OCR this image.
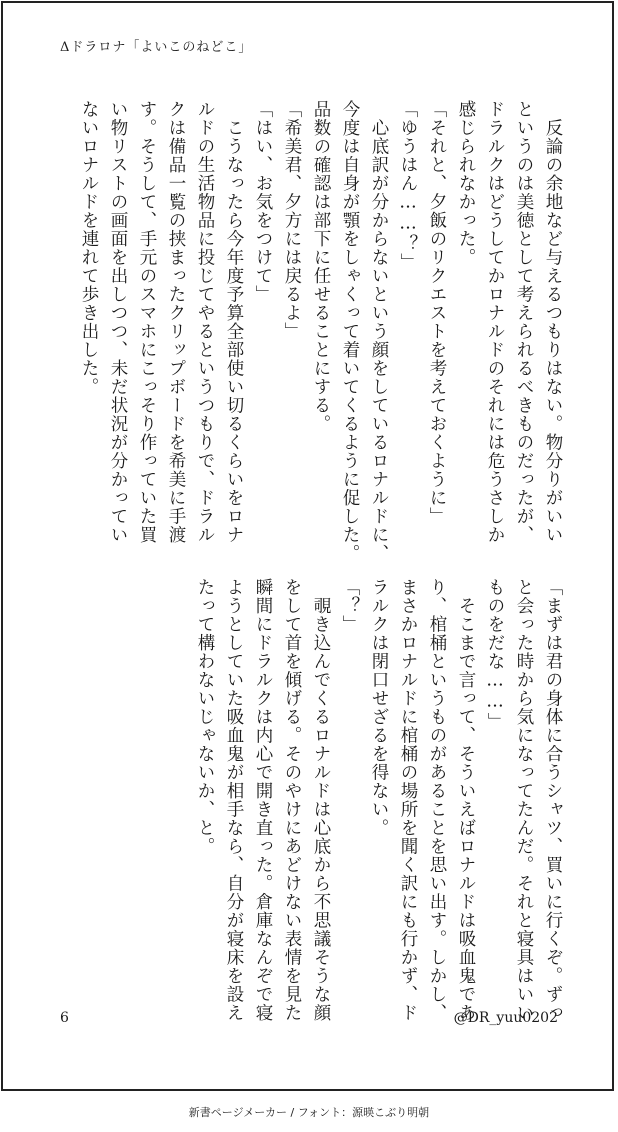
Δドラロナ「よいこのねどこ」
　反論の余地など与えるつもりはない。物分りがいい
というのは美徳として考えられるべきものだったが、
ドラルクはどうしてかロナルドのそれには危うさしか
感じられなかった。
「それと、夕飯のリクエストを考えておくように」
「ゆうはん……？」
　心底訳が分からないという顔をしているロナルドに、
今度は自身が顎をしゃくって着いてくるように促した。
品数の確認は部下に任せることにする。
「希美君、夕方には戻るよ」
「はい、お気をつけて」
　こうなったら今年度予算全部使い切るくらいをロナ
ルドの生活物品に投じてやるというつもりで、ドラル
クは備品一覧の挟まったクリップボードを希美に手渡
す。そうして、手元のスマホにこっそり作っていた買
い物リストの画面を出しつつ、未だ状況が分かってい
ないロナルドを連れて歩き出した。
「まずは君の身体に合うシャツ、買いに行くぞ。ずっ
と会った時から気になってたんだ。それと寝具はいい
ものをだな……」
　そこまで言って、そういえばロナルドは吸血鬼であ
り、棺桶というものがあることを思い出す。しかし、
まさかロナルドに棺桶の場所を聞く訳にも行かず、ド
ラルクは閉口せざるを得ない。
「？」
　覗き込んでくるロナルドは心底から不思議そうな顔
をして首を傾げる。そのやけにあどけない表情を見た
瞬間にドラルクは内心で開き直った。倉庫なんぞで寝
ようとしていた吸血鬼が相手なら、自分が寝床を設え
たって構わないじゃないか、と。
6	@DR_yuu0202
新書ページメーカー / フォント：源暎こぶり明朝
